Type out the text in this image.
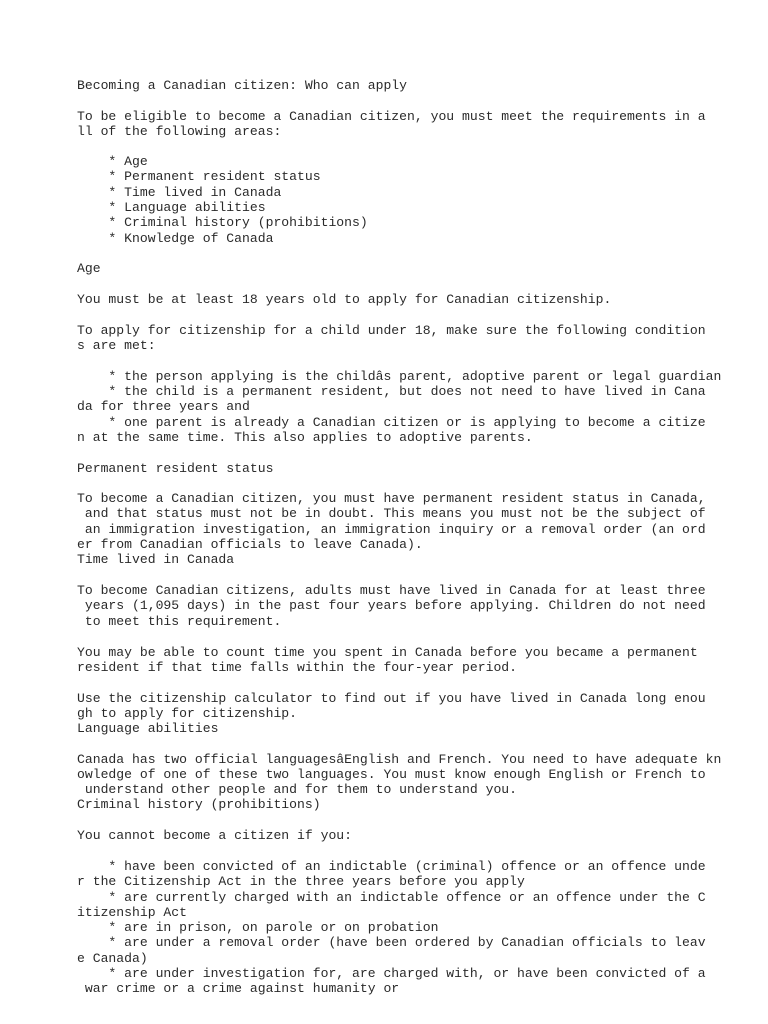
Becoming a Canadian citizen: Who can apply

To be eligible to become a Canadian citizen, you must meet the requirements in a

ll of the following areas:

* Age

* Permanent resident status

* Time lived in Canada

* Language abilities

* Criminal history (prohibitions)

* Knowledge of Canada

Age

You must be at least 18 years old to apply for Canadian citizenship.

To apply for citizenship for a child under 18, make sure the following condition

s are met:

* the person applying is the childâs parent, adoptive parent or legal guardian

* the child is a permanent resident, but does not need to have lived in Cana

da for three years and

* one parent is already a Canadian citizen or is applying to become a citize

n at the same time. This also applies to adoptive parents.

Permanent resident status

To become a Canadian citizen, you must have permanent resident status in Canada,

and that status must not be in doubt. This means you must not be the subject of

an immigration investigation, an immigration inquiry or a removal order (an ord

er from Canadian officials to leave Canada).

Time lived in Canada

To become Canadian citizens, adults must have lived in Canada for at least three

years (1,095 days) in the past four years before applying. Children do not need

to meet this requirement.

You may be able to count time you spent in Canada before you became a permanent

resident if that time falls within the four-year period.

Use the citizenship calculator to find out if you have lived in Canada long enou

gh to apply for citizenship.

Language abilities

Canada has two official languagesâEnglish and French. You need to have adequate kn

owledge of one of these two languages. You must know enough English or French to

understand other people and for them to understand you.

Criminal history (prohibitions)

You cannot become a citizen if you:

* have been convicted of an indictable (criminal) offence or an offence unde

r the Citizenship Act in the three years before you apply

* are currently charged with an indictable offence or an offence under the C

itizenship Act

* are in prison, on parole or on probation

* are under a removal order (have been ordered by Canadian officials to leav

e Canada)

* are under investigation for, are charged with, or have been convicted of a

war crime or a crime against humanity or
